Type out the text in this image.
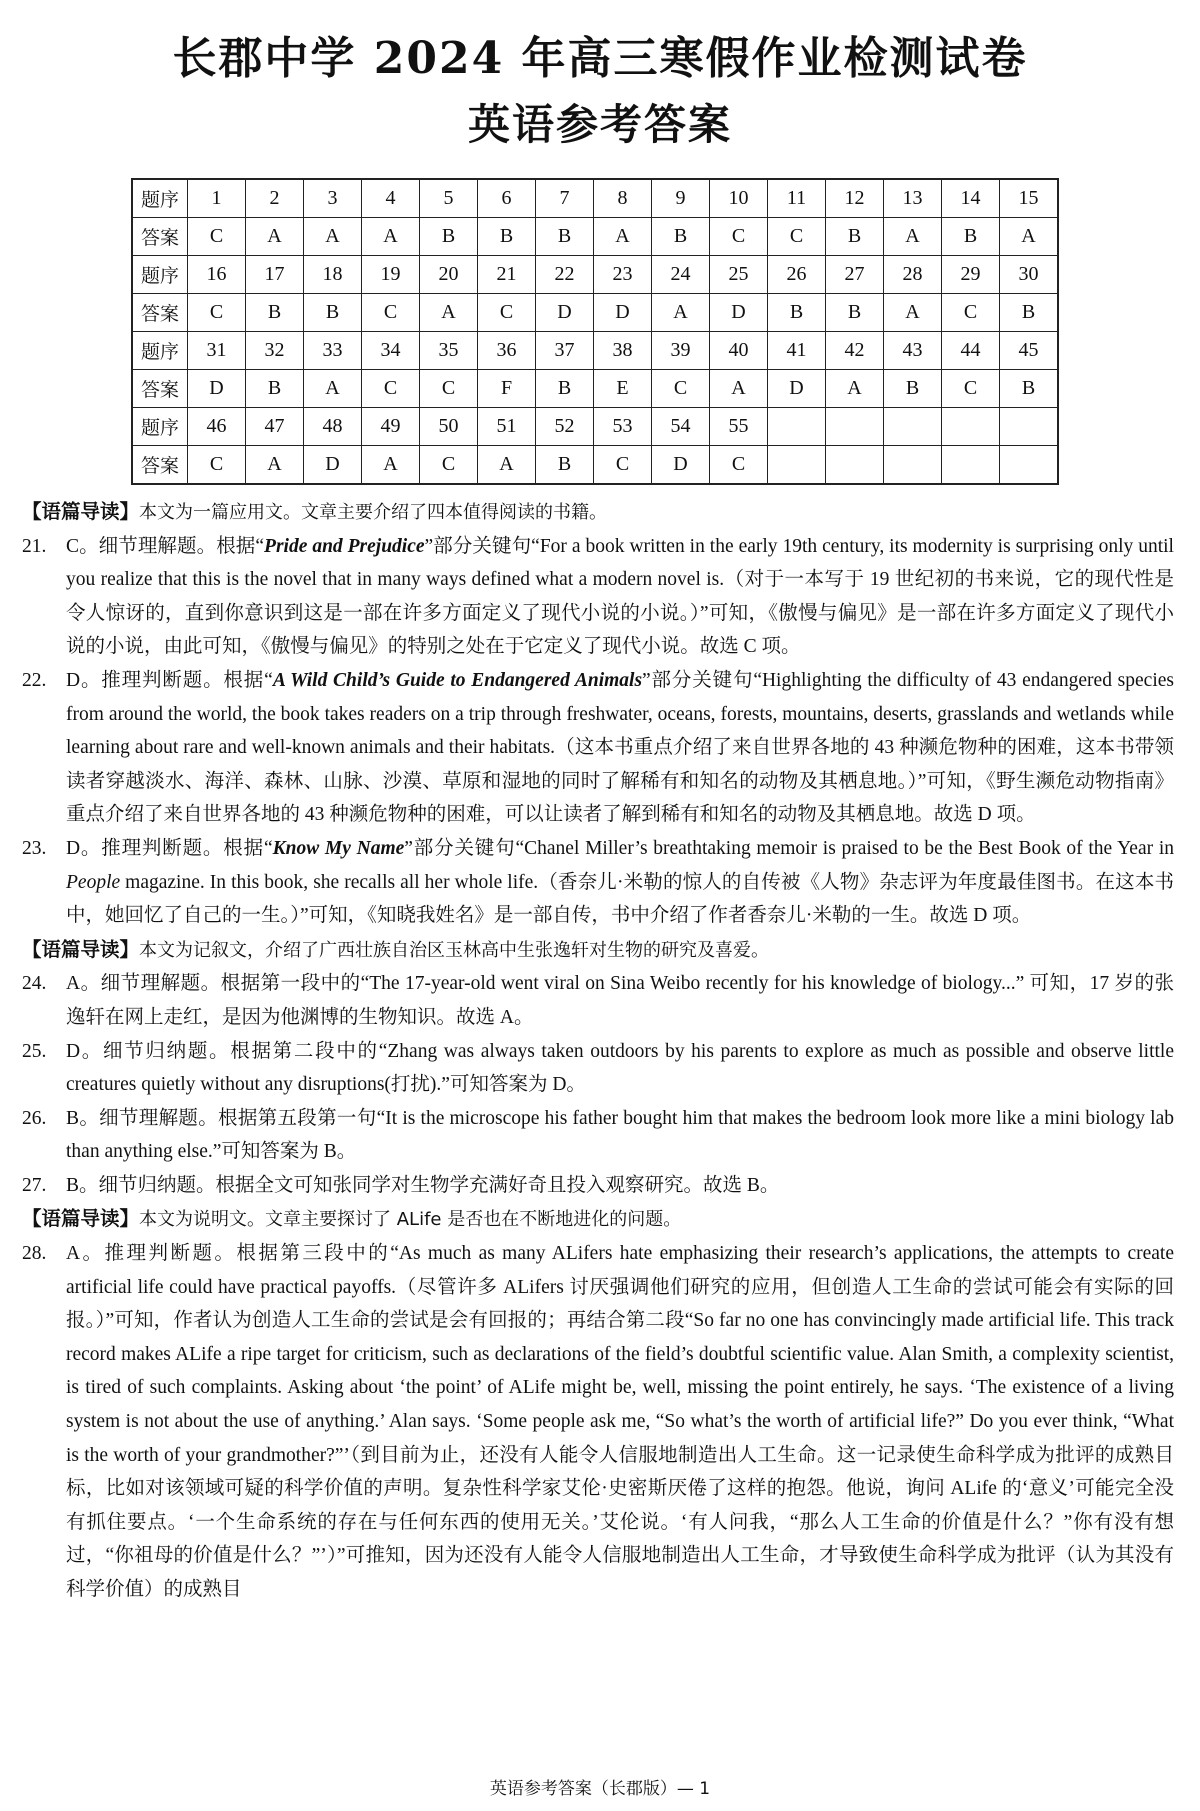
长郡中学 2024 年高三寒假作业检测试卷
英语参考答案
题序	1	2	3	4	5	6	7	8	9	10	11	12	13	14	15
答案	C	A	A	A	B	B	B	A	B	C	C	B	A	B	A
题序	16	17	18	19	20	21	22	23	24	25	26	27	28	29	30
答案	C	B	B	C	A	C	D	D	A	D	B	B	A	C	B
题序	31	32	33	34	35	36	37	38	39	40	41	42	43	44	45
答案	D	B	A	C	C	F	B	E	C	A	D	A	B	C	B
题序	46	47	48	49	50	51	52	53	54	55					
答案	C	A	D	A	C	A	B	C	D	C					

【语篇导读】本文为一篇应用文。文章主要介绍了四本值得阅读的书籍。

21. C。细节理解题。根据“Pride and Prejudice”部分关键句“For a book written in the early 19th century, its modernity is surprising only until you realize that this is the novel that in many ways defined what a modern novel is.（对于一本写于 19 世纪初的书来说，它的现代性是令人惊讶的，直到你意识到这是一部在许多方面定义了现代小说的小说。）”可知，《傲慢与偏见》是一部在许多方面定义了现代小说的小说，由此可知，《傲慢与偏见》的特别之处在于它定义了现代小说。故选 C 项。

22. D。推理判断题。根据“A Wild Child’s Guide to Endangered Animals”部分关键句“Highlighting the difficulty of 43 endangered species from around the world, the book takes readers on a trip through freshwater, oceans, forests, mountains, deserts, grasslands and wetlands while learning about rare and well-known animals and their habitats.（这本书重点介绍了来自世界各地的 43 种濒危物种的困难，这本书带领读者穿越淡水、海洋、森林、山脉、沙漠、草原和湿地的同时了解稀有和知名的动物及其栖息地。）”可知，《野生濒危动物指南》重点介绍了来自世界各地的 43 种濒危物种的困难，可以让读者了解到稀有和知名的动物及其栖息地。故选 D 项。

23. D。推理判断题。根据“Know My Name”部分关键句“Chanel Miller’s breathtaking memoir is praised to be the Best Book of the Year in People magazine. In this book, she recalls all her whole life.（香奈儿·米勒的惊人的自传被《人物》杂志评为年度最佳图书。在这本书中，她回忆了自己的一生。）”可知，《知晓我姓名》是一部自传，书中介绍了作者香奈儿·米勒的一生。故选 D 项。

【语篇导读】本文为记叙文，介绍了广西壮族自治区玉林高中生张逸轩对生物的研究及喜爱。

24. A。细节理解题。根据第一段中的“The 17-year-old went viral on Sina Weibo recently for his knowledge of biology...” 可知，17 岁的张逸轩在网上走红，是因为他渊博的生物知识。故选 A。

25. D。细节归纳题。根据第二段中的“Zhang was always taken outdoors by his parents to explore as much as possible and observe little creatures quietly without any disruptions(打扰).”可知答案为 D。

26. B。细节理解题。根据第五段第一句“It is the microscope his father bought him that makes the bedroom look more like a mini biology lab than anything else.”可知答案为 B。

27. B。细节归纳题。根据全文可知张同学对生物学充满好奇且投入观察研究。故选 B。

【语篇导读】本文为说明文。文章主要探讨了 ALife 是否也在不断地进化的问题。

28. A。推理判断题。根据第三段中的“As much as many ALifers hate emphasizing their research’s applications, the attempts to create artificial life could have practical payoffs.（尽管许多 ALifers 讨厌强调他们研究的应用，但创造人工生命的尝试可能会有实际的回报。）”可知，作者认为创造人工生命的尝试是会有回报的；再结合第二段“So far no one has convincingly made artificial life. This track record makes ALife a ripe target for criticism, such as declarations of the field’s doubtful scientific value. Alan Smith, a complexity scientist, is tired of such complaints. Asking about ‘the point’ of ALife might be, well, missing the point entirely, he says. ‘The existence of a living system is not about the use of anything.’ Alan says. ‘Some people ask me, “So what’s the worth of artificial life?” Do you ever think, “What is the worth of your grandmother?”’（到目前为止，还没有人能令人信服地制造出人工生命。这一记录使生命科学成为批评的成熟目标，比如对该领域可疑的科学价值的声明。复杂性科学家艾伦·史密斯厌倦了这样的抱怨。他说，询问 ALife 的‘意义’可能完全没有抓住要点。‘一个生命系统的存在与任何东西的使用无关。’艾伦说。‘有人问我，“那么人工生命的价值是什么？”你有没有想过，“你祖母的价值是什么？”’）”可推知，因为还没有人能令人信服地制造出人工生命，才导致使生命科学成为批评（认为其没有科学价值）的成熟目

英语参考答案（长郡版）— 1
